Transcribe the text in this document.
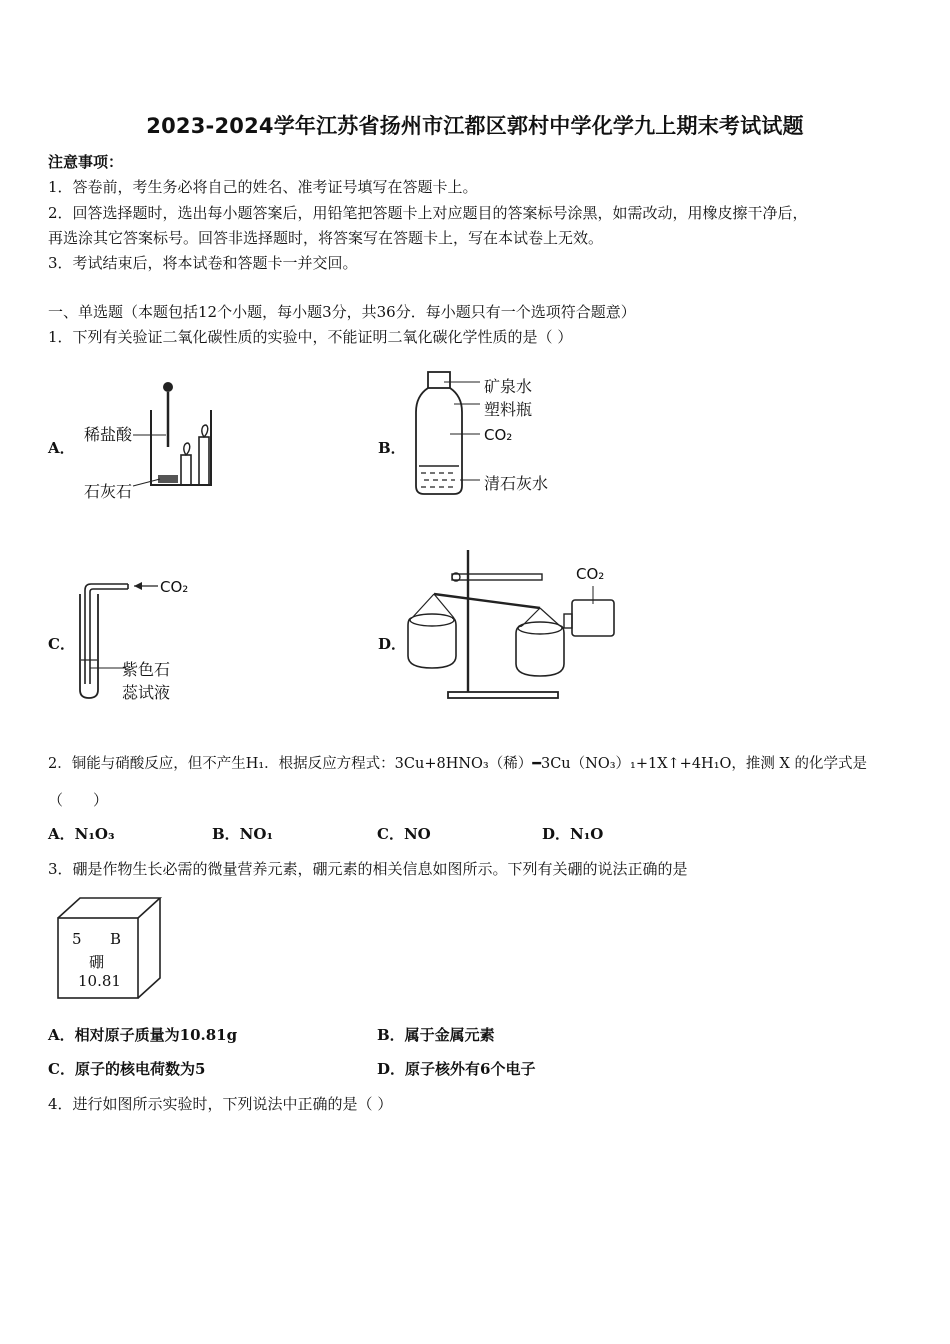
2023-2024学年江苏省扬州市江都区郭村中学化学九上期末考试试题
注意事项：
1．答卷前，考生务必将自己的姓名、准考证号填写在答题卡上。
2．回答选择题时，选出每小题答案后，用铅笔把答题卡上对应题目的答案标号涂黑，如需改动，用橡皮擦干净后，
再选涂其它答案标号。回答非选择题时，将答案写在答题卡上，写在本试卷上无效。
3．考试结束后，将本试卷和答题卡一并交回。
一、单选题（本题包括12个小题，每小题3分，共36分．每小题只有一个选项符合题意）
1．下列有关验证二氧化碳性质的实验中，不能证明二氧化碳化学性质的是（ ）
A．	B．
C．	D．
稀盐酸
石灰石
矿泉水
塑料瓶
CO₂
清石灰水
CO₂
紫色石
蕊试液
CO₂
2．铜能与硝酸反应，但不产生H₁．根据反应方程式：3Cu+8HNO₃（稀）━3Cu（NO₃）₁+1X↑+4H₁O，推测 X 的化学式是
（　　）
A．N₁O₃	B．NO₁	C．NO	D．N₁O
3．硼是作物生长必需的微量营养元素，硼元素的相关信息如图所示。下列有关硼的说法正确的是
5 B
硼
10.81
A．相对原子质量为10.81g	B．属于金属元素
C．原子的核电荷数为5	D．原子核外有6个电子
4．进行如图所示实验时，下列说法中正确的是（ ）
